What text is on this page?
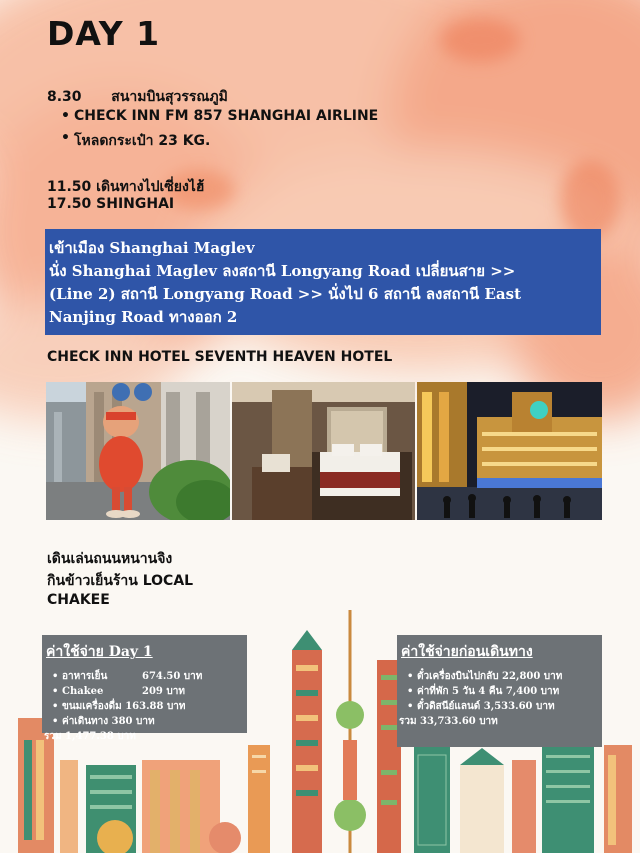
DAY 1
8.30 สนามบินสุวรรณภูมิ
• CHECK INN FM 857 SHANGHAI AIRLINE
• โหลดกระเป๋า 23 KG.
11.50 เดินทางไปเซี่ยงไฮ้
17.50 SHINGHAI
เข้าเมือง Shanghai Maglev
นั่ง Shanghai Maglev ลงสถานี Longyang Road เปลี่ยนสาย >>
(Line 2) สถานี Longyang Road >> นั่งไป 6 สถานี ลงสถานี East
Nanjing Road ทางออก 2
CHECK INN HOTEL SEVENTH HEAVEN HOTEL
เดินเล่นถนนหนานจิง
กินข้าวเย็นร้าน LOCAL
CHAKEE
ค่าใช้จ่าย Day 1
• อาหารเย็น	674.50 บาท
• Chakee	209 บาท
• ขนมเครื่องดื่ม 163.88 บาท
• ค่าเดินทาง 380 บาท
รวม 1,477.38 บาท
ค่าใช้จ่ายก่อนเดินทาง
• ตั๋วเครื่องบินไปกลับ 22,800 บาท
• ค่าที่พัก 5 วัน 4 คืน 7,400 บาท
• ตั๋วดิสนีย์แลนด์ 3,533.60 บาท
รวม 33,733.60 บาท
